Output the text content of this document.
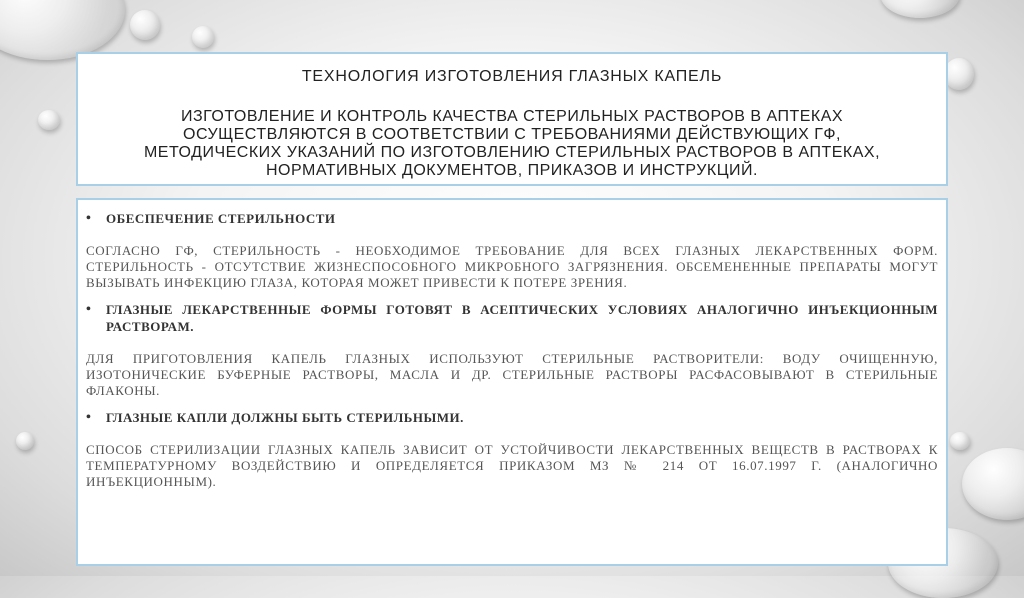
ТЕХНОЛОГИЯ ИЗГОТОВЛЕНИЯ ГЛАЗНЫХ КАПЕЛЬ
ИЗГОТОВЛЕНИЕ И КОНТРОЛЬ КАЧЕСТВА СТЕРИЛЬНЫХ РАСТВОРОВ В АПТЕКАХ ОСУЩЕСТВЛЯЮТСЯ В СООТВЕТСТВИИ С ТРЕБОВАНИЯМИ ДЕЙСТВУЮЩИХ ГФ, МЕТОДИЧЕСКИХ УКАЗАНИЙ ПО ИЗГОТОВЛЕНИЮ СТЕРИЛЬНЫХ РАСТВОРОВ В АПТЕКАХ, НОРМАТИВНЫХ ДОКУМЕНТОВ, ПРИКАЗОВ И ИНСТРУКЦИЙ.
•	ОБЕСПЕЧЕНИЕ СТЕРИЛЬНОСТИ

СОГЛАСНО ГФ, СТЕРИЛЬНОСТЬ - НЕОБХОДИМОЕ ТРЕБОВАНИЕ ДЛЯ ВСЕХ ГЛАЗНЫХ ЛЕКАРСТВЕННЫХ ФОРМ. СТЕРИЛЬНОСТЬ - ОТСУТСТВИЕ ЖИЗНЕСПОСОБНОГО МИКРОБНОГО ЗАГРЯЗНЕНИЯ. ОБСЕМЕНЕННЫЕ ПРЕПАРАТЫ МОГУТ ВЫЗЫВАТЬ ИНФЕКЦИЮ ГЛАЗА, КОТОРАЯ МОЖЕТ ПРИВЕСТИ К ПОТЕРЕ ЗРЕНИЯ.

•	ГЛАЗНЫЕ ЛЕКАРСТВЕННЫЕ ФОРМЫ ГОТОВЯТ В АСЕПТИЧЕСКИХ УСЛОВИЯХ АНАЛОГИЧНО ИНЪЕКЦИОННЫМ РАСТВОРАМ.

ДЛЯ ПРИГОТОВЛЕНИЯ КАПЕЛЬ ГЛАЗНЫХ ИСПОЛЬЗУЮТ СТЕРИЛЬНЫЕ РАСТВОРИТЕЛИ: ВОДУ ОЧИЩЕННУЮ, ИЗОТОНИЧЕСКИЕ БУФЕРНЫЕ РАСТВОРЫ, МАСЛА И ДР. СТЕРИЛЬНЫЕ РАСТВОРЫ РАСФАСОВЫВАЮТ В СТЕРИЛЬНЫЕ ФЛАКОНЫ.

•	ГЛАЗНЫЕ КАПЛИ ДОЛЖНЫ БЫТЬ СТЕРИЛЬНЫМИ.

СПОСОБ СТЕРИЛИЗАЦИИ ГЛАЗНЫХ КАПЕЛЬ ЗАВИСИТ ОТ УСТОЙЧИВОСТИ ЛЕКАРСТВЕННЫХ ВЕЩЕСТВ В РАСТВОРАХ К ТЕМПЕРАТУРНОМУ ВОЗДЕЙСТВИЮ И ОПРЕДЕЛЯЕТСЯ ПРИКАЗОМ МЗ № 214 ОТ 16.07.1997 Г. (АНАЛОГИЧНО ИНЪЕКЦИОННЫМ).
